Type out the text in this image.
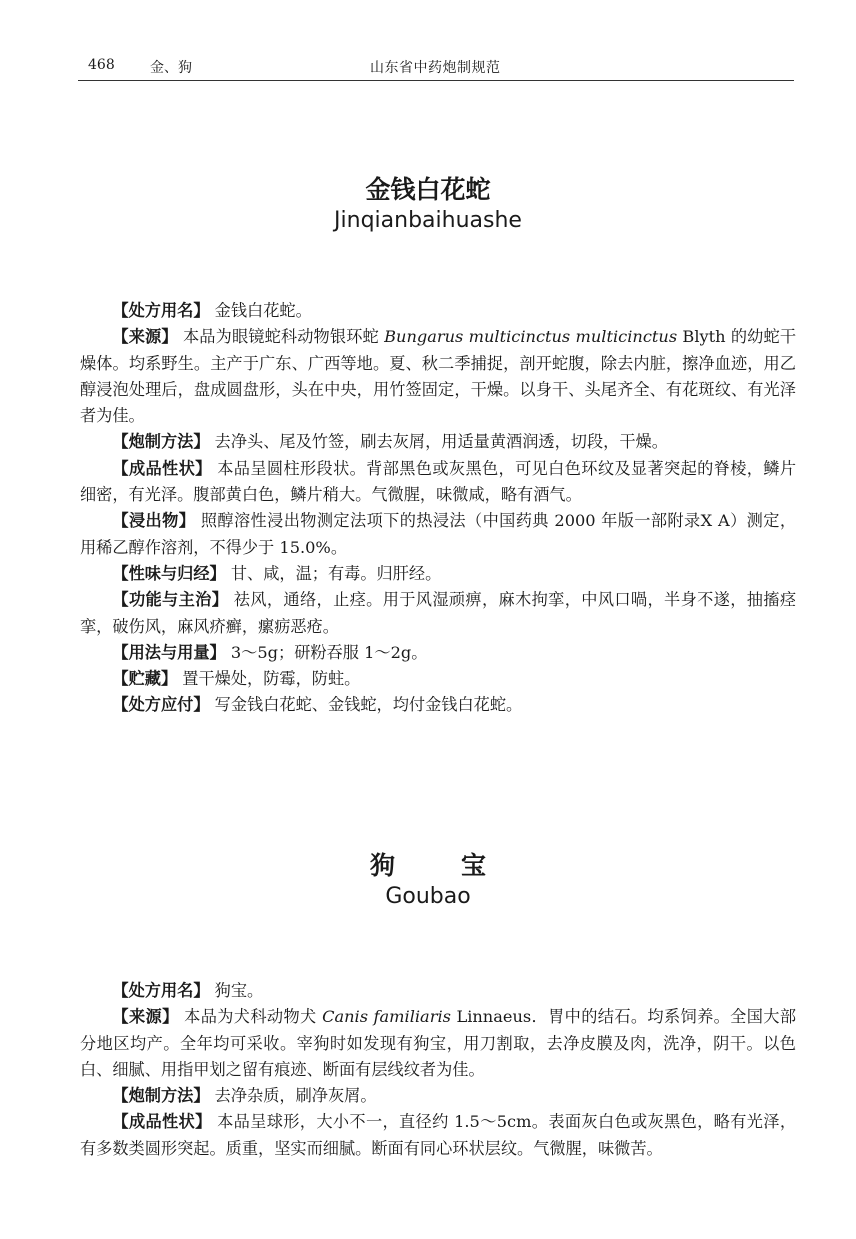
468	金、狗	山东省中药炮制规范
金钱白花蛇
Jinqianbaihuashe

【 处方用名 】 金钱白花蛇。

【 来源 】 本品为眼镜蛇科动物银环蛇 Bungarus multicinctus multicinctus Blyth 的幼蛇干燥体。均系野生。主产于广东、广西等地。夏、秋二季捕捉，剖开蛇腹，除去内脏，擦净血迹，用乙醇浸泡处理后，盘成圆盘形，头在中央，用竹签固定，干燥。以身干、头尾齐全、有花斑纹、有光泽者为佳。

【 炮制方法 】 去净头、尾及竹签，刷去灰屑，用适量黄酒润透，切段，干燥。

【 成品性状 】 本品呈圆柱形段状。背部黑色或灰黑色，可见白色环纹及显著突起的脊棱，鳞片细密，有光泽。腹部黄白色，鳞片稍大。气微腥，味微咸，略有酒气。

【 浸出物 】 照醇溶性浸出物测定法项下的热浸法（中国药典 2000 年版一部附录Ⅹ A）测定，用稀乙醇作溶剂，不得少于 15.0%。

【 性味与归经 】 甘、咸，温；有毒。归肝经。

【 功能与主治 】 祛风，通络，止痉。用于风湿顽痹，麻木拘挛，中风口喎，半身不遂，抽搐痉挛，破伤风，麻风疥癣，瘰疬恶疮。

【 用法与用量 】 3～5g；研粉吞服 1～2g。

【 贮藏 】 置干燥处，防霉，防蛀。

【 处方应付 】 写金钱白花蛇、金钱蛇，均付金钱白花蛇。

狗宝
Goubao

【 处方用名 】 狗宝。

【 来源 】 本品为犬科动物犬 Canis familiaris Linnaeus．胃中的结石。均系饲养。全国大部分地区均产。全年均可采收。宰狗时如发现有狗宝，用刀割取，去净皮膜及肉，洗净，阴干。以色白、细腻、用指甲划之留有痕迹、断面有层线纹者为佳。

【 炮制方法 】 去净杂质，刷净灰屑。

【 成品性状 】 本品呈球形，大小不一，直径约 1.5～5cm。表面灰白色或灰黑色，略有光泽，有多数类圆形突起。质重，坚实而细腻。断面有同心环状层纹。气微腥，味微苦。
